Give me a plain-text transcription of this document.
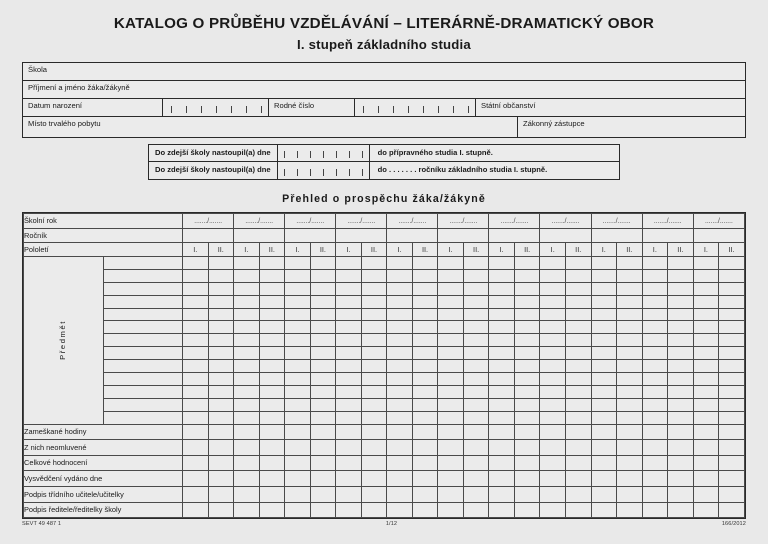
KATALOG O PRŮBĚHU VZDĚLÁVÁNÍ – LITERÁRNĚ-DRAMATICKÝ OBOR
I. stupeň základního studia
Škola
Příjmení a jméno žáka/žákyně
Datum narození	Rodné číslo	Státní občanství
Místo trvalého pobytu	Zákonný zástupce
Do zdejší školy nastoupil(a) dne	do přípravného studia I. stupně.
Do zdejší školy nastoupil(a) dne	do . . . . . . . ročníku základního studia I. stupně.
Přehled o prospěchu žáka/žákyně
Školní rok		......./.......		......./.......		......./.......		......./.......		......./.......		......./.......		......./.......		......./.......		......./.......		......./.......		......./.......	
Ročník																							
Pololetí		I.	II.	I.	II.	I.	II.	I.	II.	I.	II.	I.	II.	I.	II.	I.	II.	I.	II.	I.	II.	I.	II.
Předmět																							

Zameškané hodiny																							
Z nich neomluvené																							
Celkové hodnocení																							
Vysvědčení vydáno dne																							
Podpis třídního učitele/učitelky																							
Podpis ředitele/ředitelky školy																							
SEVT 49 487 1	1/12	166/2012
